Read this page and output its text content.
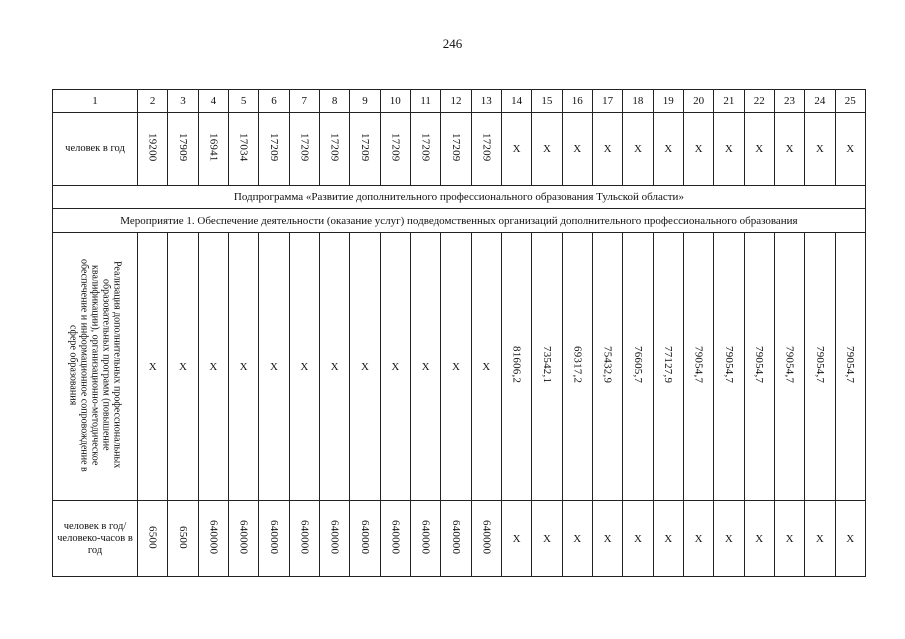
246
1	2	3	4	5	6	7	8	9	10	11	12	13	14	15	16	17	18	19	20	21	22	23	24	25
человек в год	19200	17909	16941	17034	17209	17209	17209	17209	17209	17209	17209	17209	X	X	X	X	X	X	X	X	X	X	X	X
Подпрограмма «Развитие дополнительного профессионального образования Тульской области»																								
Мероприятие 1. Обеспечение деятельности (оказание услуг) подведомственных организаций дополнительного профессионального образования																								
Реализация дополнительных профессиональных образовательных программ (повышение квалификации), организационно-методическое обеспечение и информационное сопровождение в сфере образования	X	X	X	X	X	X	X	X	X	X	X	X	81606,2	73542,1	69317,2	75432,9	76605,7	77127,9	79054,7	79054,7	79054,7	79054,7	79054,7	79054,7
человек в год/человеко-часов в год	6500	6500	640000	640000	640000	640000	640000	640000	640000	640000	640000	640000	X	X	X	X	X	X	X	X	X	X	X	X
